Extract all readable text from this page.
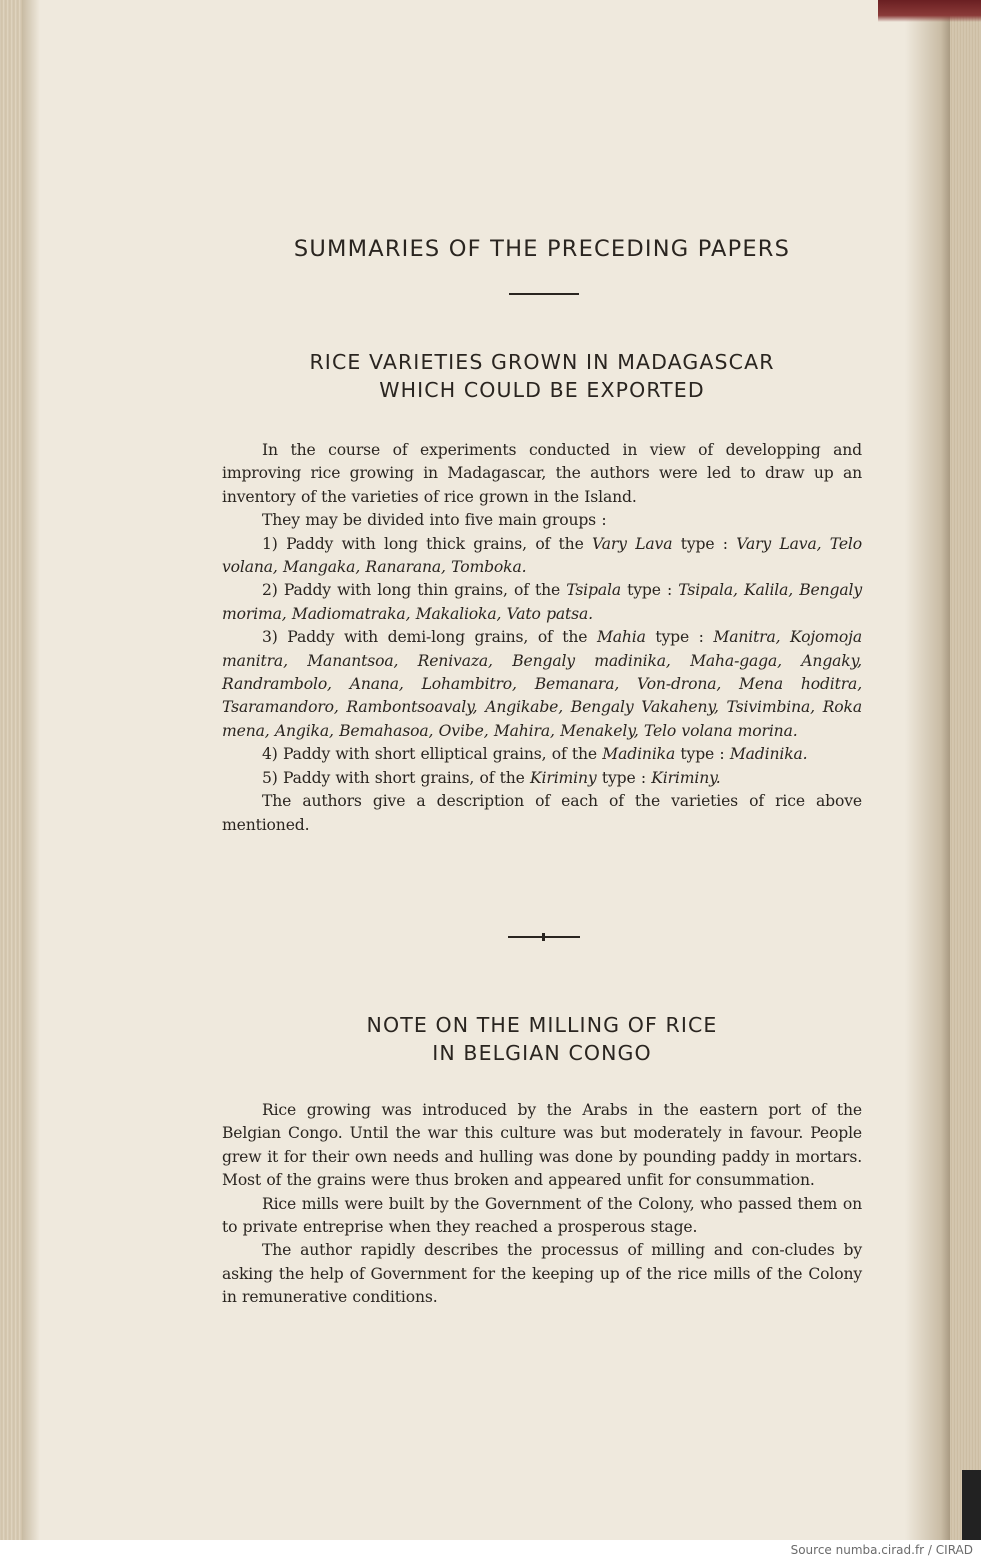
SUMMARIES OF THE PRECEDING PAPERS
RICE VARIETIES GROWN IN MADAGASCAR
WHICH COULD BE EXPORTED

In the course of experiments conducted in view of developping and improving rice growing in Madagascar, the authors were led to draw up an inventory of the varieties of rice grown in the Island.
They may be divided into five main groups :
1) Paddy with long thick grains, of the Vary Lava type : Vary Lava, Telo volana, Mangaka, Ranarana, Tomboka.
2) Paddy with long thin grains, of the Tsipala type : Tsipala, Kalila, Bengaly morima, Madiomatraka, Makalioka, Vato patsa.
3) Paddy with demi-long grains, of the Mahia type : Manitra, Kojomoja manitra, Manantsoa, Renivaza, Bengaly madinika, Maha-gaga, Angaky, Randrambolo, Anana, Lohambitro, Bemanara, Von-drona, Mena hoditra, Tsaramandoro, Rambontsoavaly, Angikabe, Bengaly Vakaheny, Tsivimbina, Roka mena, Angika, Bemahasoa, Ovibe, Mahira, Menakely, Telo volana morina.
4) Paddy with short elliptical grains, of the Madinika type : Madinika.
5) Paddy with short grains, of the Kiriminy type : Kiriminy.
The authors give a description of each of the varieties of rice above mentioned.

NOTE ON THE MILLING OF RICE
IN BELGIAN CONGO

Rice growing was introduced by the Arabs in the eastern port of the Belgian Congo. Until the war this culture was but moderately in favour. People grew it for their own needs and hulling was done by pounding paddy in mortars. Most of the grains were thus broken and appeared unfit for consummation.
Rice mills were built by the Government of the Colony, who passed them on to private entreprise when they reached a prosperous stage.
The author rapidly describes the processus of milling and con-cludes by asking the help of Government for the keeping up of the rice mills of the Colony in remunerative conditions.

Source numba.cirad.fr / CIRAD
